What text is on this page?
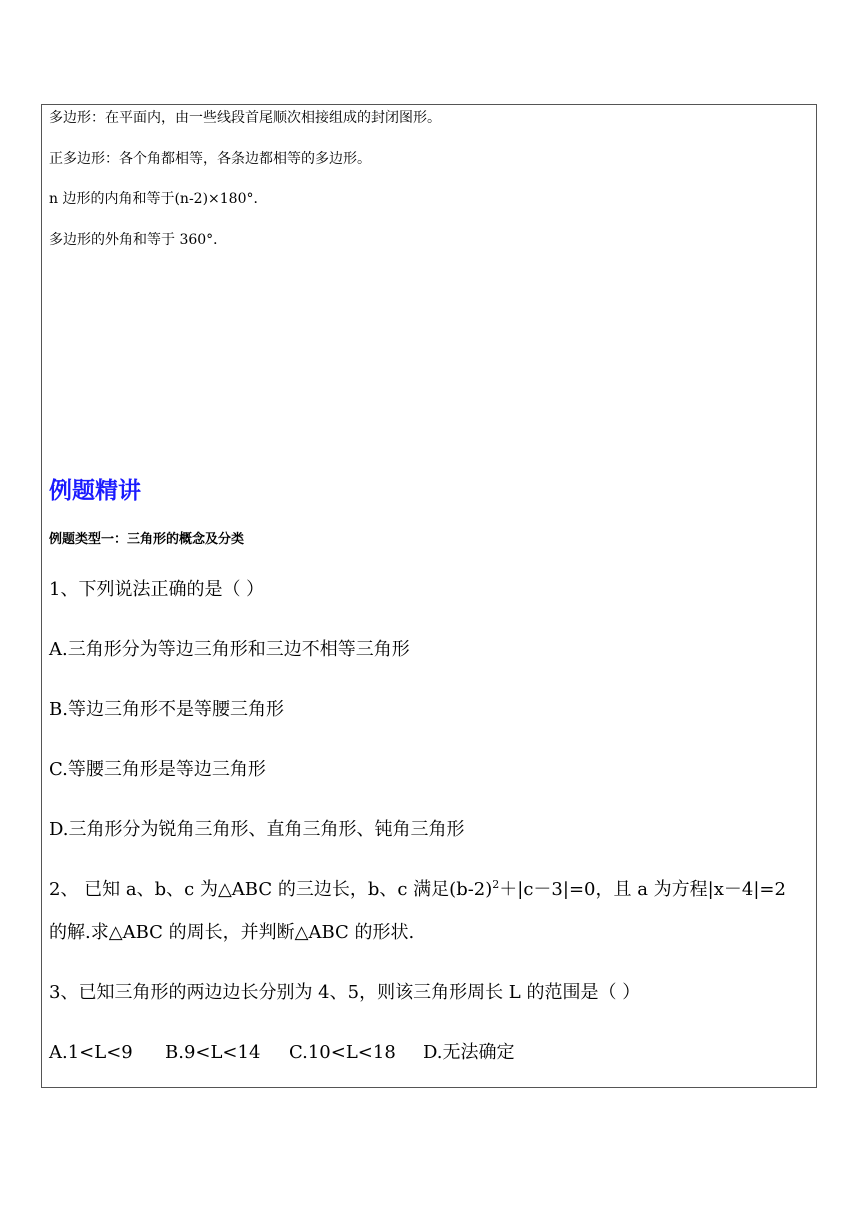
多边形：在平面内，由一些线段首尾顺次相接组成的封闭图形。
正多边形：各个角都相等，各条边都相等的多边形。
n 边形的内角和等于(n-2)×180°．
多边形的外角和等于 360°．
例题精讲
例题类型一：三角形的概念及分类
1、下列说法正确的是（ ）
A.三角形分为等边三角形和三边不相等三角形
B.等边三角形不是等腰三角形
C.等腰三角形是等边三角形
D.三角形分为锐角三角形、直角三角形、钝角三角形
2、 已知 a、b、c 为△ABC 的三边长，b、c 满足$(b-2)^2+|c-3|=0$，且 a 为方程|x－4|=2
的解.求△ABC 的周长，并判断△ABC 的形状.
3、已知三角形的两边边长分别为 4、5，则该三角形周长 L 的范围是（ ）
A.1<L<9 B.9<L<14 C.10<L<18 D.无法确定
